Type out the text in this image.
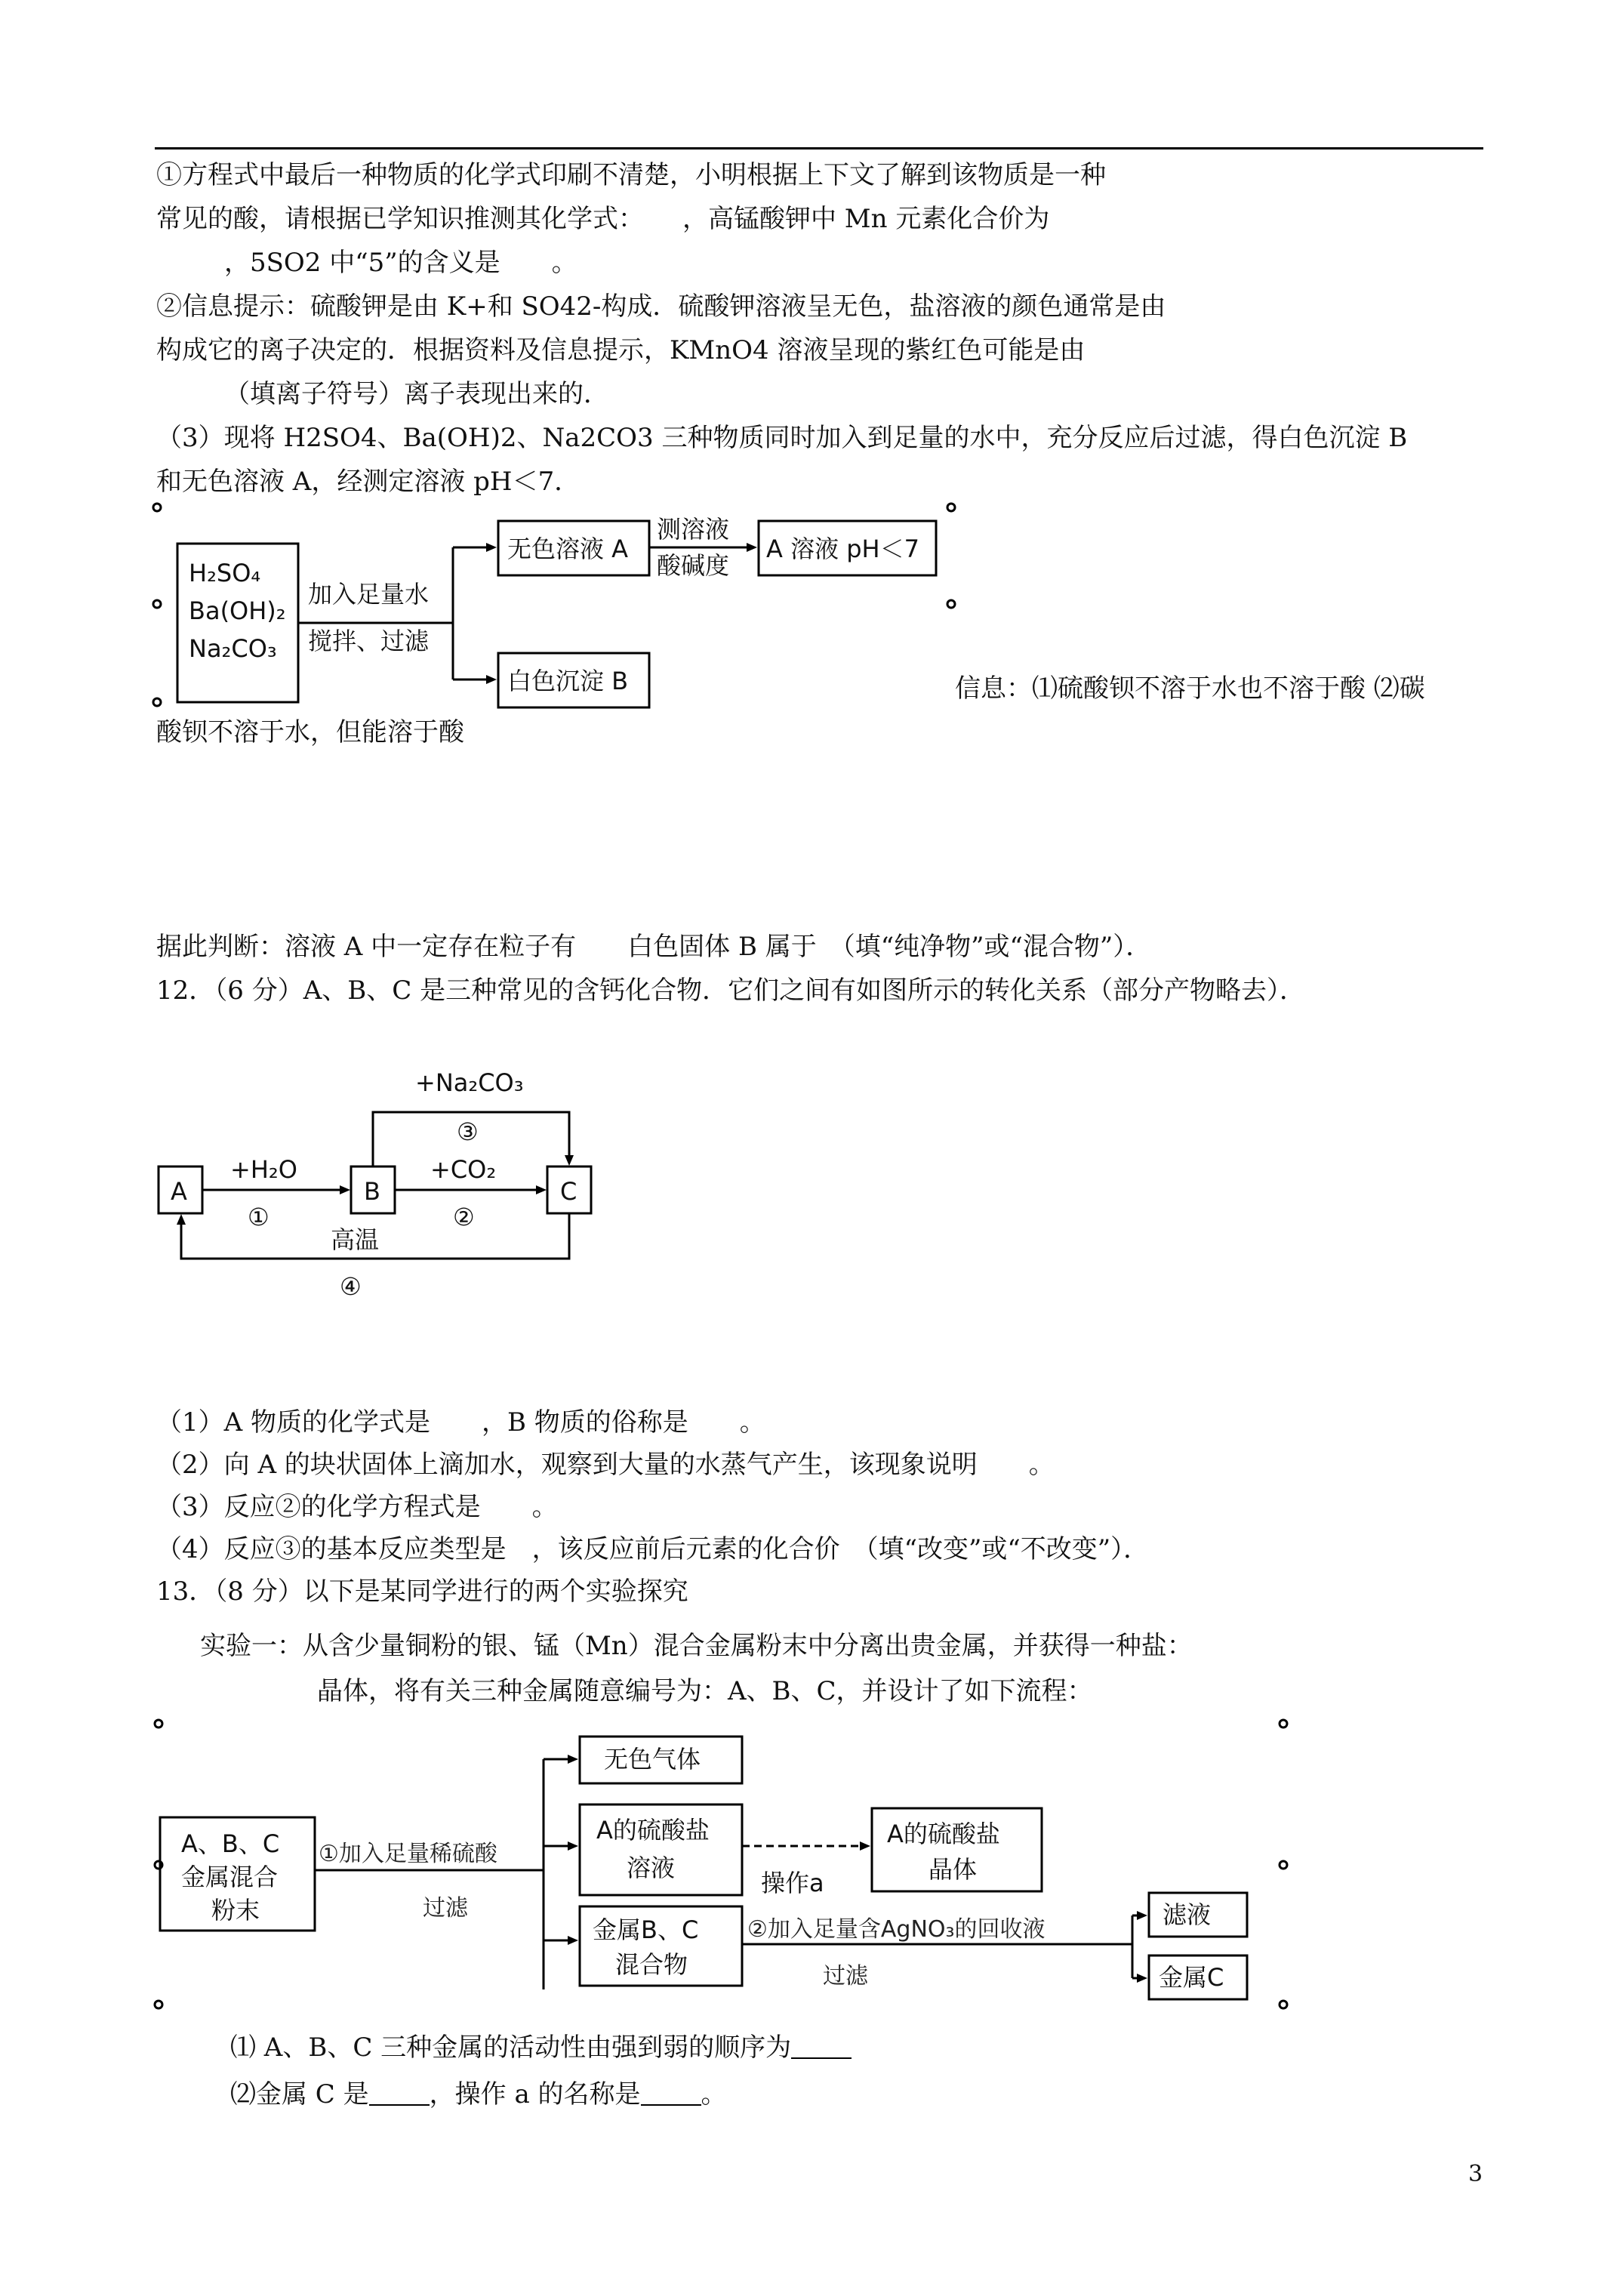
①方程式中最后一种物质的化学式印刷不清楚，小明根据上下文了解到该物质是一种
常见的酸，请根据已学知识推测其化学式：　　，高锰酸钾中 Mn 元素化合价为
，5SO2 中“5”的含义是　　。
②信息提示：硫酸钾是由 K+和 SO42-构成．硫酸钾溶液呈无色，盐溶液的颜色通常是由
构成它的离子决定的．根据资料及信息提示，KMnO4 溶液呈现的紫红色可能是由
（填离子符号）离子表现出来的．
（3）现将 H2SO4、Ba(OH)2、Na2CO3 三种物质同时加入到足量的水中，充分反应后过滤，得白色沉淀 B
和无色溶液 A，经测定溶液 pH＜7．
H₂SO₄
Ba(OH)₂
Na₂CO₃
加入足量水
搅拌、过滤
无色溶液 A
测溶液
酸碱度
A 溶液 pH＜7
白色沉淀 B	信息：⑴硫酸钡不溶于水也不溶于酸 ⑵碳
酸钡不溶于水，但能溶于酸
据此判断：溶液 A 中一定存在粒子有　　白色固体 B 属于　（填“纯净物”或“混合物”）．
12．（6 分）A、B、C 是三种常见的含钙化合物．它们之间有如图所示的转化关系（部分产物略去）．
A	B	C
+H₂O
①
+CO₂
②
+Na₂CO₃
③
高温
④
（1）A 物质的化学式是　　，B 物质的俗称是　　。
（2）向 A 的块状固体上滴加水，观察到大量的水蒸气产生，该现象说明　　。
（3）反应②的化学方程式是　　。
（4）反应③的基本反应类型是　，该反应前后元素的化合价　（填“改变”或“不改变”）．
13．（8 分）以下是某同学进行的两个实验探究
实验一：从含少量铜粉的银、锰（Mn）混合金属粉末中分离出贵金属，并获得一种盐：
晶体，将有关三种金属随意编号为：A、B、C，并设计了如下流程：
A、B、C
金属混合
粉末
①加入足量稀硫酸
过滤
无色气体
A的硫酸盐
溶液
操作a
A的硫酸盐
晶体
金属B、C
混合物
②加入足量含AgNO₃的回收液
过滤
滤液
金属C
⑴ A、B、C 三种金属的活动性由强到弱的顺序为
⑵金属 C 是 ，操作 a 的名称是 。
3
